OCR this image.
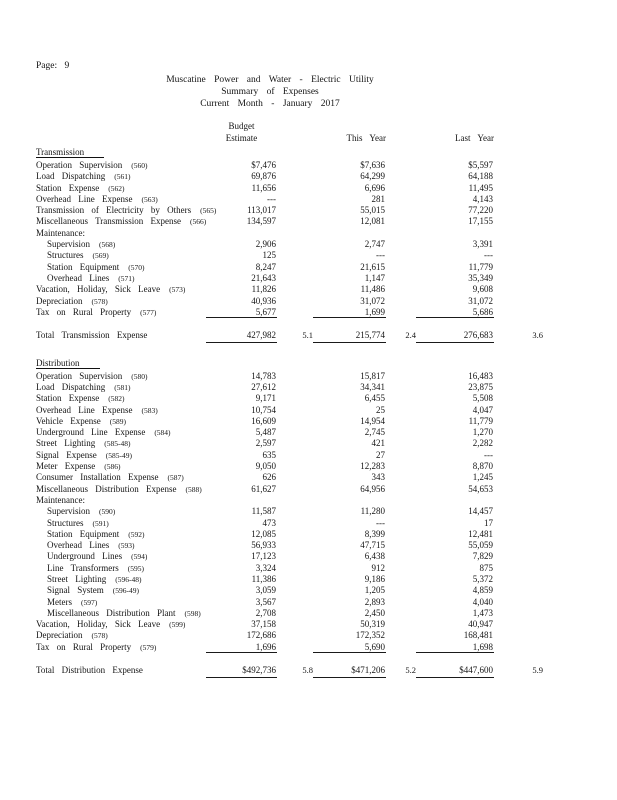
Page: 9
Muscatine Power and Water - Electric Utility
Summary of Expenses
Current Month - January 2017
Budget
Estimate	This Year	Last Year
Transmission
Operation Supervision (560)	$7,476	$7,636	$5,597
Load Dispatching (561)	69,876	64,299	64,188
Station Expense (562)	11,656	6,696	11,495
Overhead Line Expense (563)	---	281	4,143
Transmission of Electricity by Others (565)	113,017	55,015	77,220
Miscellaneous Transmission Expense (566)	134,597	12,081	17,155
Maintenance:
Supervision (568)	2,906	2,747	3,391
Structures (569)	125	---	---
Station Equipment (570)	8,247	21,615	11,779
Overhead Lines (571)	21,643	1,147	35,349
Vacation, Holiday, Sick Leave (573)	11,826	11,486	9,608
Depreciation (578)	40,936	31,072	31,072
Tax on Rural Property (577)	5,677	1,699	5,686
Total Transmission Expense	427,982	5.1	215,774	2.4	276,683	3.6
Distribution
Operation Supervision (580)	14,783	15,817	16,483
Load Dispatching (581)	27,612	34,341	23,875
Station Expense (582)	9,171	6,455	5,508
Overhead Line Expense (583)	10,754	25	4,047
Vehicle Expense (589)	16,609	14,954	11,779
Underground Line Expense (584)	5,487	2,745	1,270
Street Lighting (585-48)	2,597	421	2,282
Signal Expense (585-49)	635	27	---
Meter Expense (586)	9,050	12,283	8,870
Consumer Installation Expense (587)	626	343	1,245
Miscellaneous Distribution Expense (588)	61,627	64,956	54,653
Maintenance:
Supervision (590)	11,587	11,280	14,457
Structures (591)	473	---	17
Station Equipment (592)	12,085	8,399	12,481
Overhead Lines (593)	56,933	47,715	55,059
Underground Lines (594)	17,123	6,438	7,829
Line Transformers (595)	3,324	912	875
Street Lighting (596-48)	11,386	9,186	5,372
Signal System (596-49)	3,059	1,205	4,859
Meters (597)	3,567	2,893	4,040
Miscellaneous Distribution Plant (598)	2,708	2,450	1,473
Vacation, Holiday, Sick Leave (599)	37,158	50,319	40,947
Depreciation (578)	172,686	172,352	168,481
Tax on Rural Property (579)	1,696	5,690	1,698
Total Distribution Expense	$492,736	5.8	$471,206	5.2	$447,600	5.9
